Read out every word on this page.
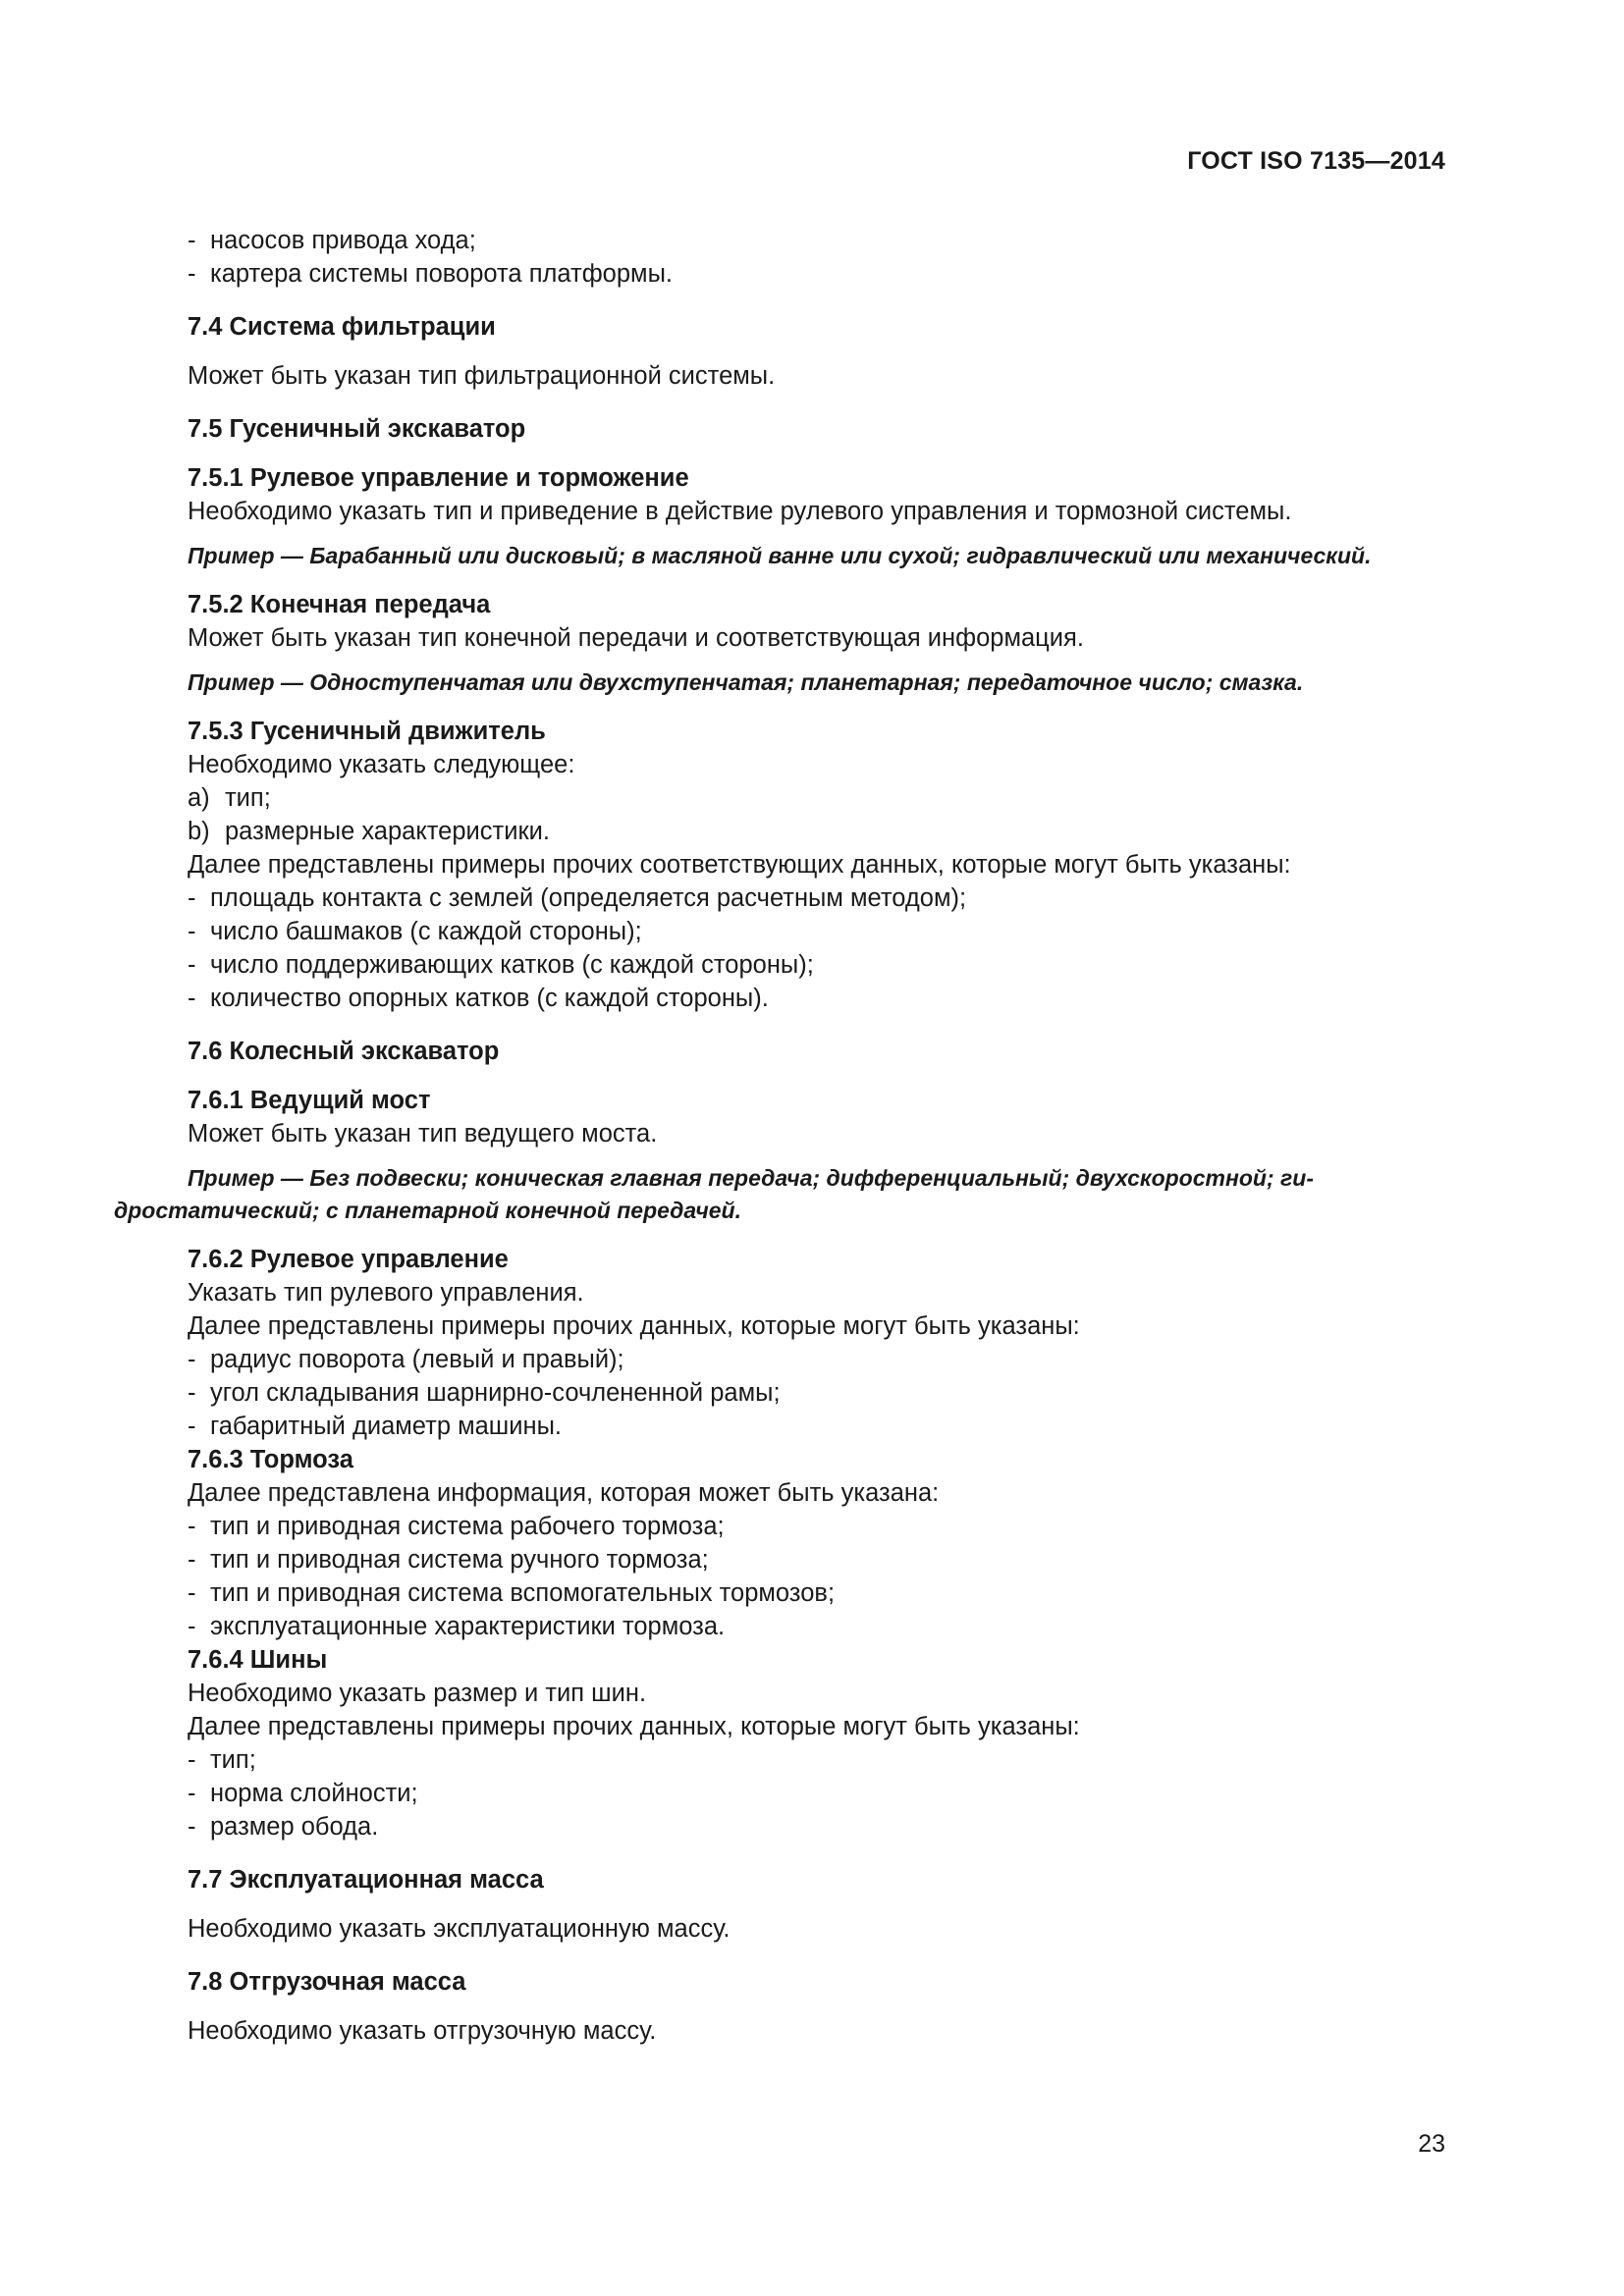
ГОСТ ISO 7135—2014
- насосов привода хода;
- картера системы поворота платформы.
7.4 Система фильтрации
Может быть указан тип фильтрационной системы.
7.5 Гусеничный экскаватор
7.5.1 Рулевое управление и торможение
Необходимо указать тип и приведение в действие рулевого управления и тормозной системы.
Пример — Барабанный или дисковый; в масляной ванне или сухой; гидравлический или механический.
7.5.2 Конечная передача
Может быть указан тип конечной передачи и соответствующая информация.
Пример — Одноступенчатая или двухступенчатая; планетарная; передаточное число; смазка.
7.5.3 Гусеничный движитель
Необходимо указать следующее:
a) тип;
b) размерные характеристики.
Далее представлены примеры прочих соответствующих данных, которые могут быть указаны:
- площадь контакта с землей (определяется расчетным методом);
- число башмаков (с каждой стороны);
- число поддерживающих катков (с каждой стороны);
- количество опорных катков (с каждой стороны).
7.6 Колесный экскаватор
7.6.1 Ведущий мост
Может быть указан тип ведущего моста.
Пример — Без подвески; коническая главная передача; дифференциальный; двухскоростной; ги-
дростатический; с планетарной конечной передачей.
7.6.2 Рулевое управление
Указать тип рулевого управления.
Далее представлены примеры прочих данных, которые могут быть указаны:
- радиус поворота (левый и правый);
- угол складывания шарнирно-сочлененной рамы;
- габаритный диаметр машины.
7.6.3 Тормоза
Далее представлена информация, которая может быть указана:
- тип и приводная система рабочего тормоза;
- тип и приводная система ручного тормоза;
- тип и приводная система вспомогательных тормозов;
- эксплуатационные характеристики тормоза.
7.6.4 Шины
Необходимо указать размер и тип шин.
Далее представлены примеры прочих данных, которые могут быть указаны:
- тип;
- норма слойности;
- размер обода.
7.7 Эксплуатационная масса
Необходимо указать эксплуатационную массу.
7.8 Отгрузочная масса
Необходимо указать отгрузочную массу.
23
